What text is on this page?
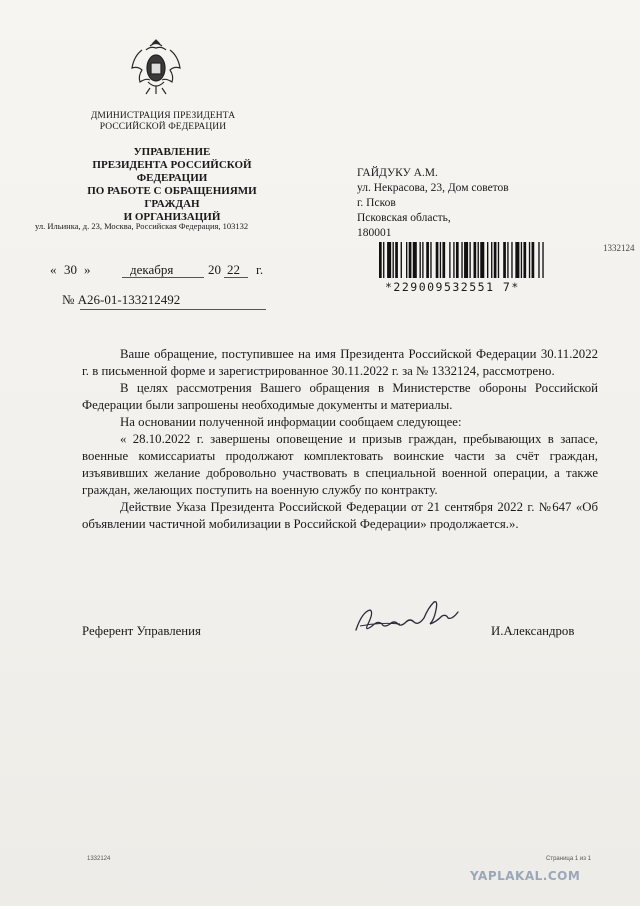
ДМИНИСТРАЦИЯ ПРЕЗИДЕНТА
РОССИЙСКОЙ ФЕДЕРАЦИИ
УПРАВЛЕНИЕ
ПРЕЗИДЕНТА РОССИЙСКОЙ ФЕДЕРАЦИИ
ПО РАБОТЕ С ОБРАЩЕНИЯМИ ГРАЖДАН
И ОРГАНИЗАЦИЙ
ул. Ильинка, д. 23, Москва, Российская Федерация, 103132
« 30 »	декабря	20 22 г.
№ А26-01-133212492
ГАЙДУКУ А.М.
ул. Некрасова, 23, Дом советов
г. Псков
Псковская область,
180001
*229009532551 7*
1332124

Ваше обращение, поступившее на имя Президента Российской Федерации 30.11.2022 г. в письменной форме и зарегистрированное 30.11.2022 г. за № 1332124, рассмотрено.

В целях рассмотрения Вашего обращения в Министерстве обороны Российской Федерации были запрошены необходимые документы и материалы.

На основании полученной информации сообщаем следующее:

« 28.10.2022 г. завершены оповещение и призыв граждан, пребывающих в запасе, военные комиссариаты продолжают комплектовать воинские части за счёт граждан, изъявивших желание добровольно участвовать в специальной военной операции, а также граждан, желающих поступить на военную службу по контракту.

Действие Указа Президента Российской Федерации от 21 сентября 2022 г. №647 «Об объявлении частичной мобилизации в Российской Федерации» продолжается.».

Референт Управления	И.Александров
1332124	Страница 1 из 1
YAPLAKAL.COM
